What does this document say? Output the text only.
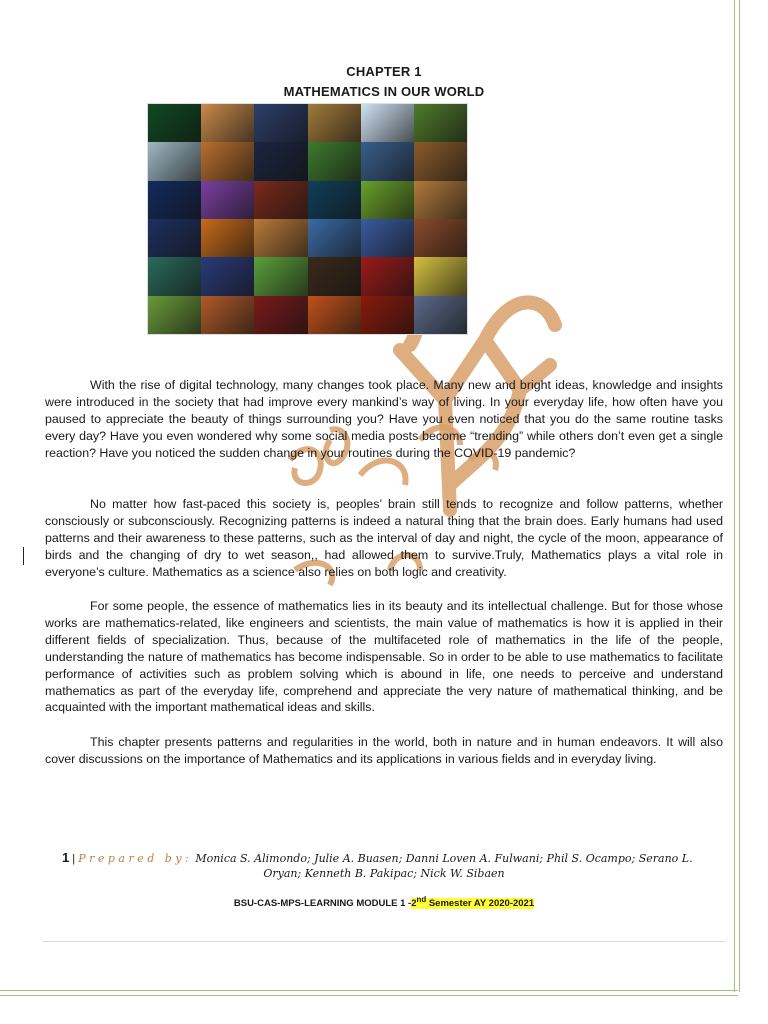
CHAPTER 1
MATHEMATICS IN OUR WORLD

With the rise of digital technology, many changes took place. Many new and bright ideas, knowledge and insights were introduced in the society that had improve every mankind’s way of living. In your everyday life, how often have you paused to appreciate the beauty of things surrounding you? Have you even noticed that you do the same routine tasks every day? Have you even wondered why some social media posts become “trending” while others don’t even get a single reaction? Have you noticed the sudden change in your routines during the COVID-19 pandemic?

No matter how fast-paced this society is, peoples’ brain still tends to recognize and follow patterns, whether consciously or subconsciously. Recognizing patterns is indeed a natural thing that the brain does. Early humans had used patterns and their awareness to these patterns, such as the interval of day and night, the cycle of the moon, appearance of birds and the changing of dry to wet season,, had allowed them to survive.Truly, Mathematics plays a vital role in everyone’s culture. Mathematics as a science also relies on both logic and creativity.

For some people, the essence of mathematics lies in its beauty and its intellectual challenge. But for those whose works are mathematics-related, like engineers and scientists, the main value of mathematics is how it is applied in their different fields of specialization. Thus, because of the multifaceted role of mathematics in the life of the people, understanding the nature of mathematics has become indispensable. So in order to be able to use mathematics to facilitate performance of activities such as problem solving which is abound in life, one needs to perceive and understand mathematics as part of the everyday life, comprehend and appreciate the very nature of mathematical thinking, and be acquainted with the important mathematical ideas and skills.

This chapter presents patterns and regularities in the world, both in nature and in human endeavors. It will also cover discussions on the importance of Mathematics and its applications in various fields and in everyday living.

1 | Prepared by: Monica S. Alimondo; Julie A. Buasen; Danni Loven A. Fulwani; Phil S. Ocampo; Serano L.
Oryan; Kenneth B. Pakipac; Nick W. Sibaen
BSU-CAS-MPS-LEARNING MODULE 1 -2nd Semester AY 2020-2021
